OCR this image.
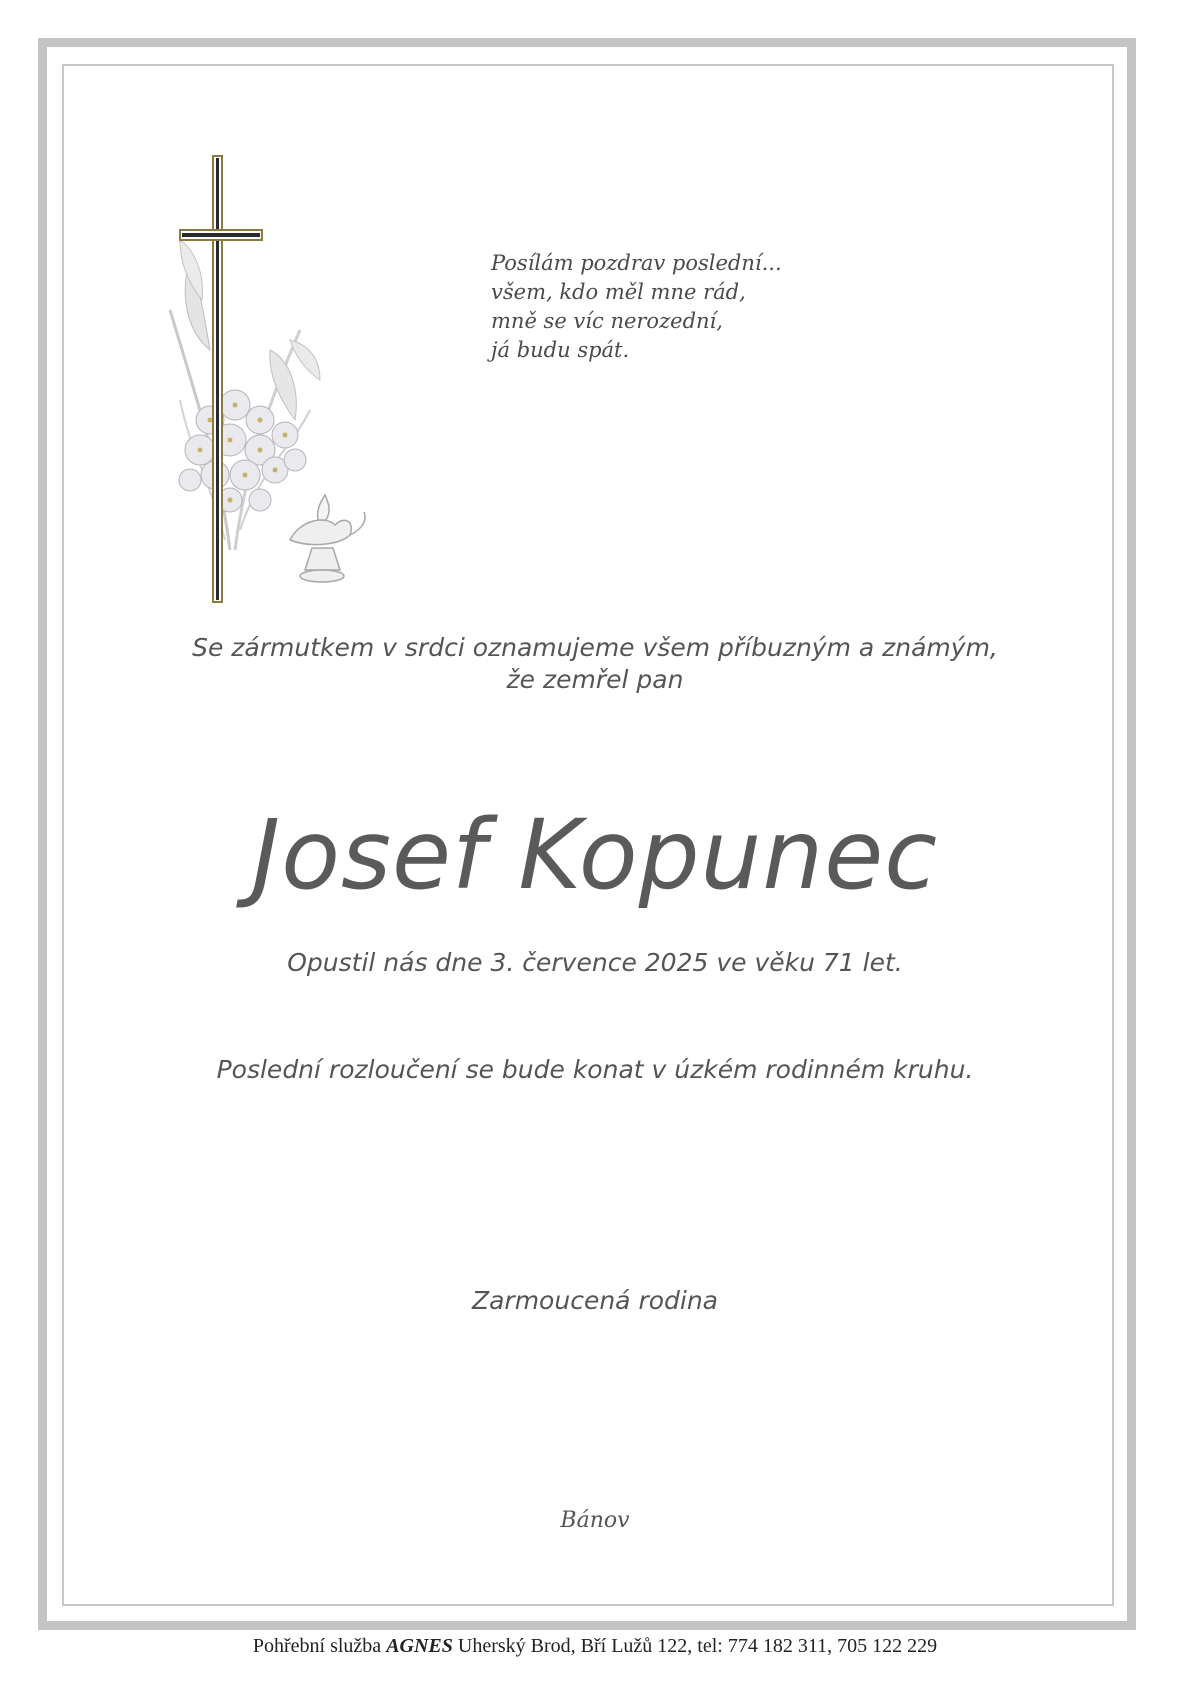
Posílám pozdrav poslední...
všem, kdo měl mne rád,
mně se víc nerozední,
já budu spát.
Se zármutkem v srdci oznamujeme všem příbuzným a známým,
že zemřel pan
Josef Kopunec
Opustil nás dne 3. července 2025 ve věku 71 let.
Poslední rozloučení se bude konat v úzkém rodinném kruhu.
Zarmoucená rodina
Bánov
Pohřební služba AGNES Uherský Brod, Bří Lužů 122, tel: 774 182 311, 705 122 229
